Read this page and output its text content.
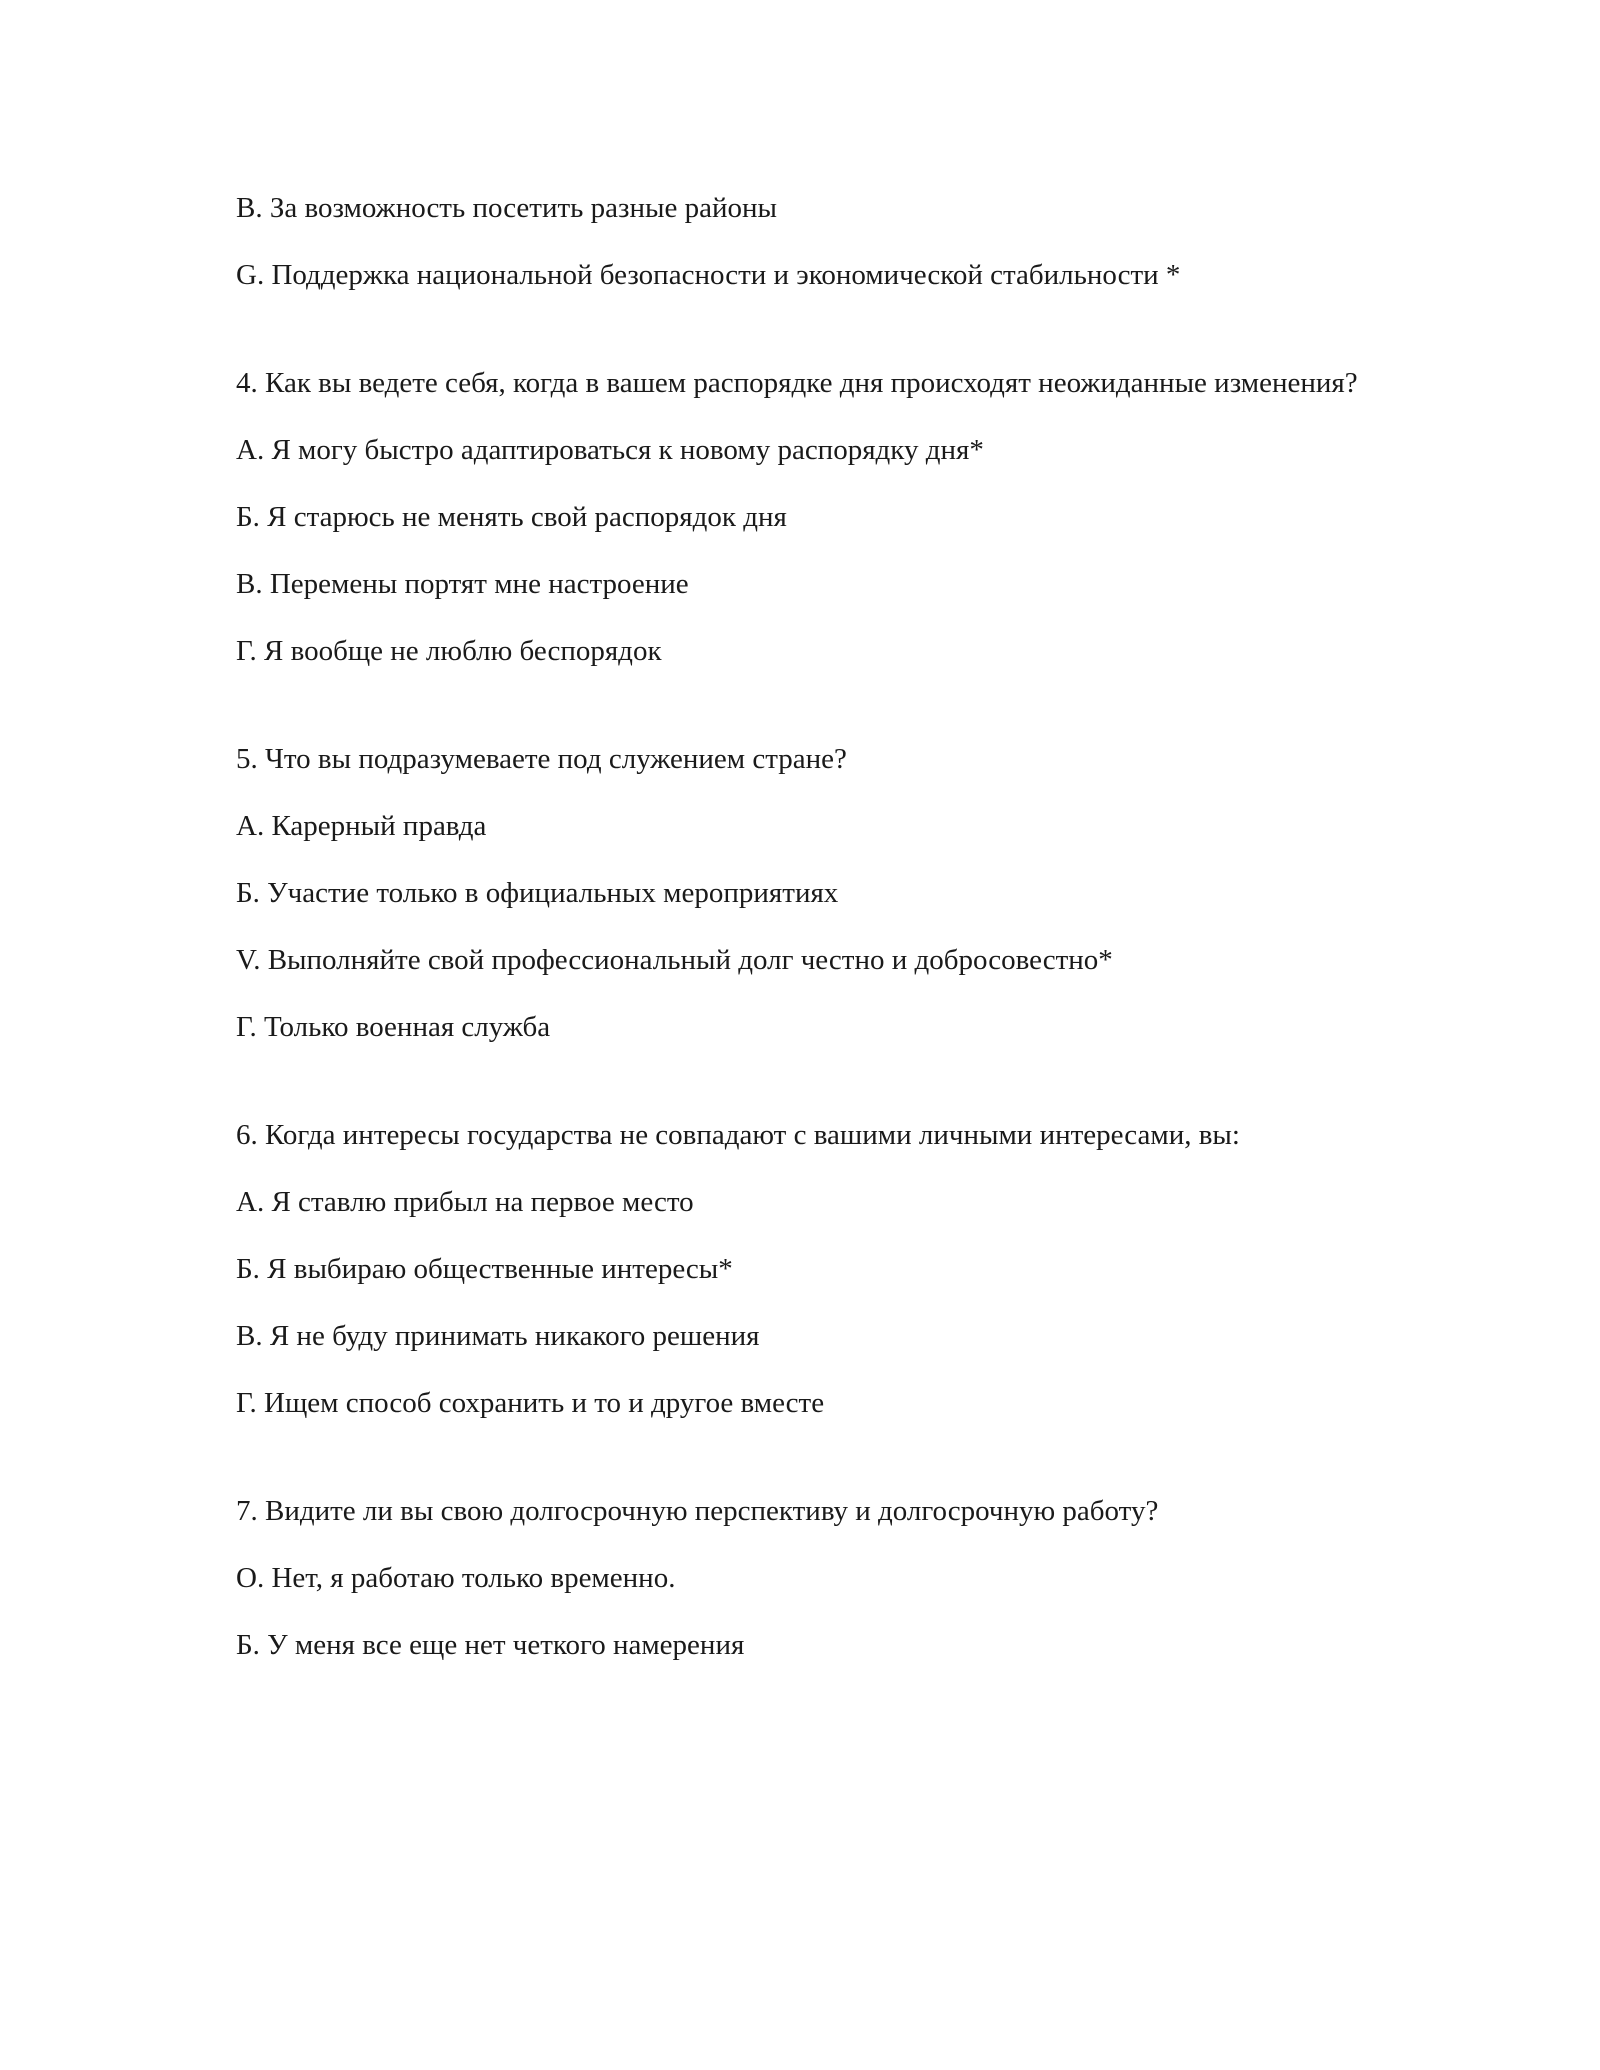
В. За возможность посетить разные районы

G. Поддержка национальной безопасности и экономической стабильности *

4. Как вы ведете себя, когда в вашем распорядке дня происходят неожиданные изменения?

A. Я могу быстро адаптироваться к новому распорядку дня*

Б. Я старюсь не менять свой распорядок дня

В. Перемены портят мне настроение

Г. Я вообще не люблю беспорядок

5. Что вы подразумеваете под служением стране?

A. Карерный правда

Б. Участие только в официальных мероприятиях

V. Выполняйте свой профессиональный долг честно и добросовестно*

Г. Только военная служба

6. Когда интересы государства не совпадают с вашими личными интересами, вы:

A. Я ставлю прибыл на первое место

Б. Я выбираю общественные интересы*

В. Я не буду принимать никакого решения

Г. Ищем способ сохранить и то и другое вместе

7. Видите ли вы свою долгосрочную перспективу и долгосрочную работу?

О. Нет, я работаю только временно.

Б. У меня все еще нет четкого намерения
